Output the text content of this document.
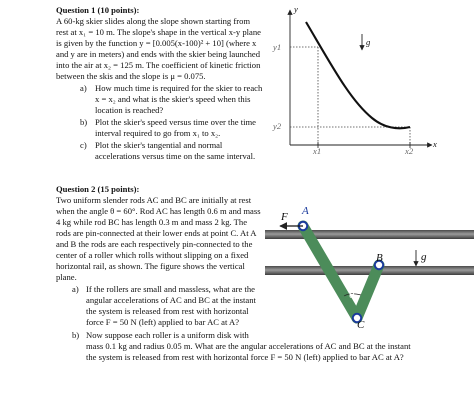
Question 1 (10 points):
A 60-kg skier slides along the slope shown starting from
rest at x₁ = 10 m. The slope's shape in the vertical x-y plane
is given by the function y = [0.005(x-100)² + 10] (where x
and y are in meters) and ends with the skier being launched
into the air at x₂ = 125 m. The coefficient of kinetic friction
between the skis and the slope is μ = 0.075.
a) How much time is required for the skier to reach
x = x₂ and what is the skier's speed when this
location is reached?
b) Plot the skier's speed versus time over the time
interval required to go from x₁ to x₂.
c) Plot the skier's tangential and normal
accelerations versus time on the same interval.
y
x
y1
y2
x1	x2
g
Question 2 (15 points):
Two uniform slender rods AC and BC are initially at rest
when the angle θ = 60°. Rod AC has length 0.6 m and mass
4 kg while rod BC has length 0.3 m and mass 2 kg. The
rods are pin-connected at their lower ends at point C. At A
and B the rods are each respectively pin-connected to the
center of a roller which rolls without slipping on a fixed
horizontal rail, as shown. The figure shows the vertical
plane.
a) If the rollers are small and massless, what are the
angular accelerations of AC and BC at the instant
the system is released from rest with horizontal
force F = 50 N (left) applied to bar AC at A?
b) Now suppose each roller is a uniform disk with
mass 0.1 kg and radius 0.05 m. What are the angular accelerations of AC and BC at the instant
the system is released from rest with horizontal force F = 50 N (left) applied to bar AC at A?
F A
B
C
θ
g
